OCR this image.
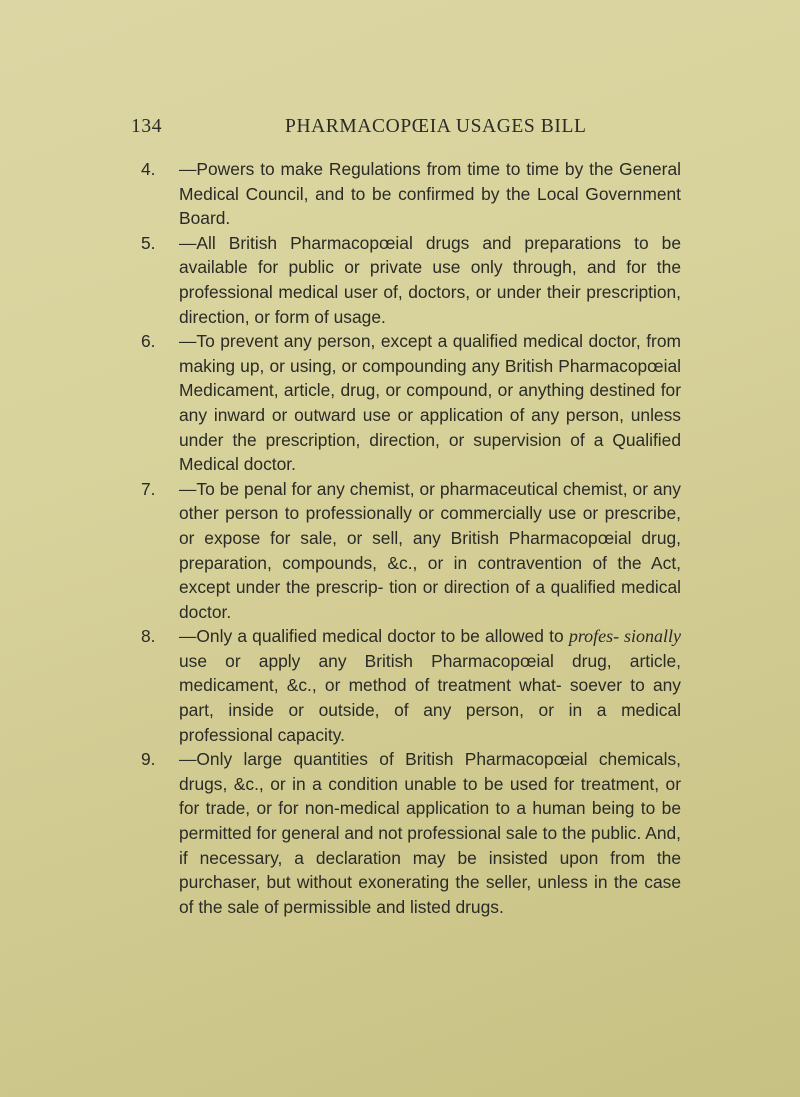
134	PHARMACOPŒIA USAGES BILL
4. —Powers to make Regulations from time to time by the General Medical Council, and to be confirmed by the Local Government Board.
5. —All British Pharmacopœial drugs and preparations to be available for public or private use only through, and for the professional medical user of, doctors, or under their prescription, direction, or form of usage.
6. —To prevent any person, except a qualified medical doctor, from making up, or using, or compounding any British Pharmacopœial Medicament, article, drug, or compound, or anything destined for any inward or outward use or application of any person, unless under the prescription, direction, or supervision of a Qualified Medical doctor.
7. —To be penal for any chemist, or pharmaceutical chemist, or any other person to professionally or commercially use or prescribe, or expose for sale, or sell, any British Pharmacopœial drug, preparation, compounds, &c., or in contravention of the Act, except under the prescrip- tion or direction of a qualified medical doctor.
8. —Only a qualified medical doctor to be allowed to profes- sionally use or apply any British Pharmacopœial drug, article, medicament, &c., or method of treatment what- soever to any part, inside or outside, of any person, or in a medical professional capacity.
9. —Only large quantities of British Pharmacopœial chemicals, drugs, &c., or in a condition unable to be used for treatment, or for trade, or for non-medical application to a human being to be permitted for general and not professional sale to the public. And, if necessary, a declaration may be insisted upon from the purchaser, but without exonerating the seller, unless in the case of the sale of permissible and listed drugs.
